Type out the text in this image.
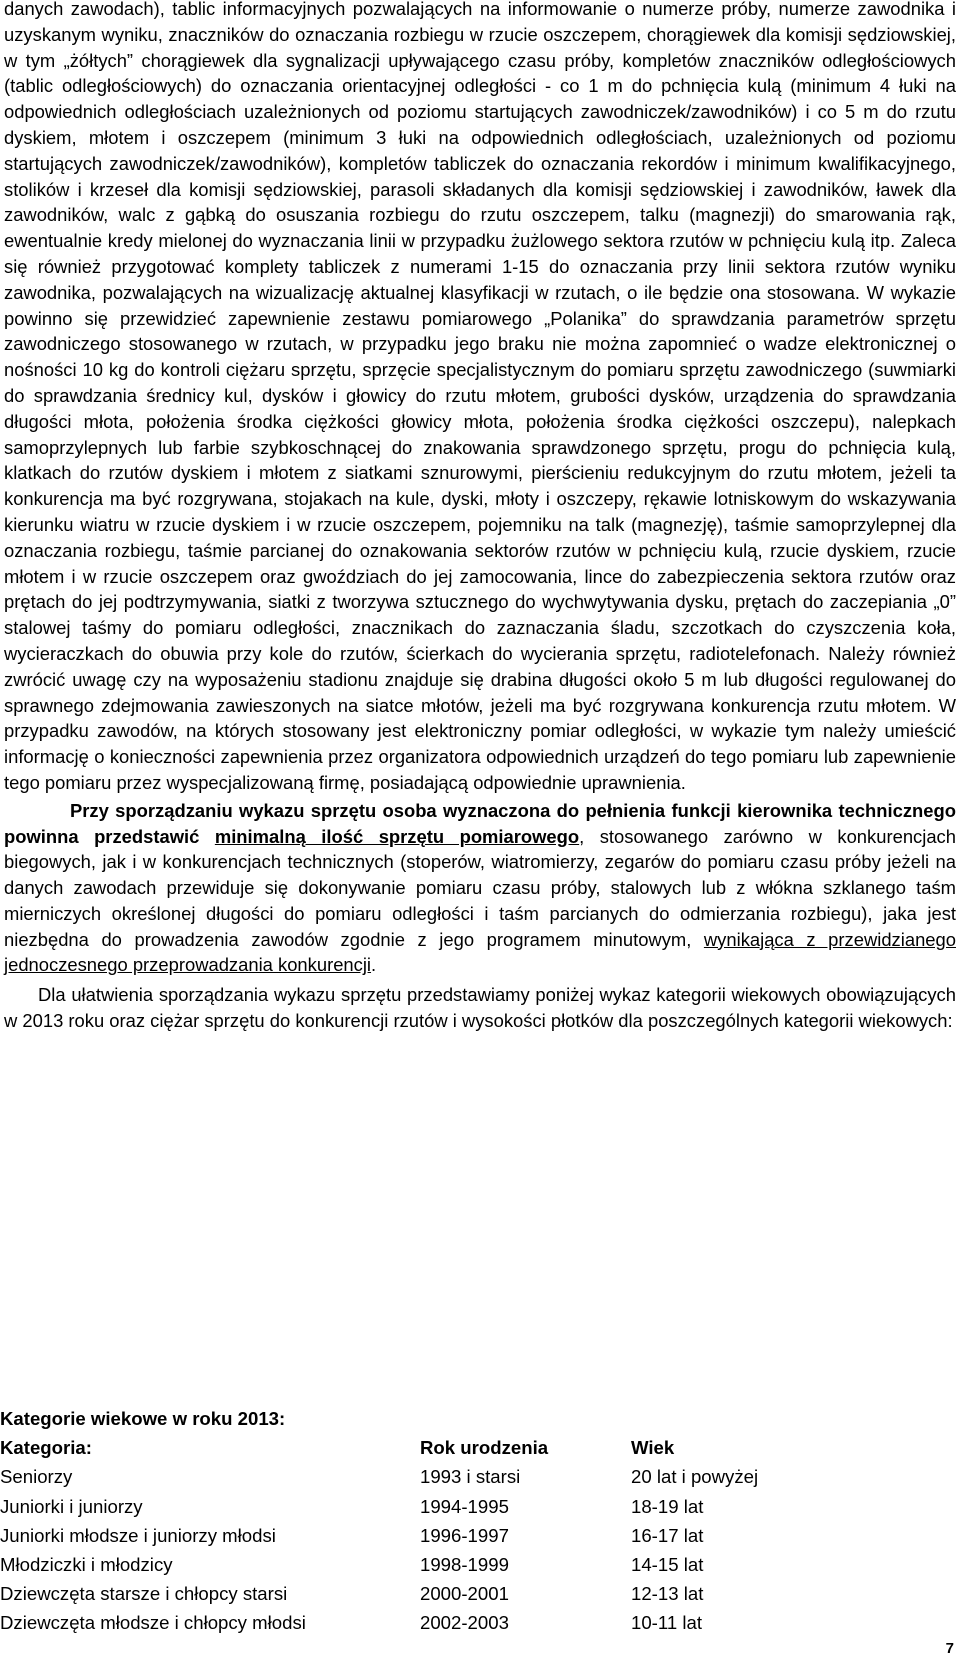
danych zawodach), tablic informacyjnych pozwalających na informowanie o numerze próby, numerze zawodnika i uzyskanym wyniku, znaczników do oznaczania rozbiegu w rzucie oszczepem, chorągiewek dla komisji sędziowskiej, w tym „żółtych” chorągiewek dla sygnalizacji upływającego czasu próby, kompletów znaczników odległościowych (tablic odległościowych) do oznaczania orientacyjnej odległości - co 1 m do pchnięcia kulą (minimum 4 łuki na odpowiednich odległościach uzależnionych od poziomu startujących zawodniczek/zawodników) i co 5 m do rzutu dyskiem, młotem i oszczepem (minimum 3 łuki na odpowiednich odległościach, uzależnionych od poziomu startujących zawodniczek/zawodników), kompletów tabliczek do oznaczania rekordów i minimum kwalifikacyjnego, stolików i krzeseł dla komisji sędziowskiej, parasoli składanych dla komisji sędziowskiej i zawodników, ławek dla zawodników, walc z gąbką do osuszania rozbiegu do rzutu oszczepem, talku (magnezji) do smarowania rąk, ewentualnie kredy mielonej do wyznaczania linii w przypadku żużlowego sektora rzutów w pchnięciu kulą itp. Zaleca się również przygotować komplety tabliczek z numerami 1-15 do oznaczania przy linii sektora rzutów wyniku zawodnika, pozwalających na wizualizację aktualnej klasyfikacji w rzutach, o ile będzie ona stosowana. W wykazie powinno się przewidzieć zapewnienie zestawu pomiarowego „Polanika” do sprawdzania parametrów sprzętu zawodniczego stosowanego w rzutach, w przypadku jego braku nie można zapomnieć o wadze elektronicznej o nośności 10 kg do kontroli ciężaru sprzętu, sprzęcie specjalistycznym do pomiaru sprzętu zawodniczego (suwmiarki do sprawdzania średnicy kul, dysków i głowicy do rzutu młotem, grubości dysków, urządzenia do sprawdzania długości młota, położenia środka ciężkości głowicy młota, położenia środka ciężkości oszczepu), nalepkach samoprzylepnych lub farbie szybkoschnącej do znakowania sprawdzonego sprzętu, progu do pchnięcia kulą, klatkach do rzutów dyskiem i młotem z siatkami sznurowymi, pierścieniu redukcyjnym do rzutu młotem, jeżeli ta konkurencja ma być rozgrywana, stojakach na kule, dyski, młoty i oszczepy, rękawie lotniskowym do wskazywania kierunku wiatru w rzucie dyskiem i w rzucie oszczepem, pojemniku na talk (magnezję), taśmie samoprzylepnej dla oznaczania rozbiegu, taśmie parcianej do oznakowania sektorów rzutów w pchnięciu kulą, rzucie dyskiem, rzucie młotem i w rzucie oszczepem oraz gwoździach do jej zamocowania, lince do zabezpieczenia sektora rzutów oraz prętach do jej podtrzymywania, siatki z tworzywa sztucznego do wychwytywania dysku, prętach do zaczepiania „0” stalowej taśmy do pomiaru odległości, znacznikach do zaznaczania śladu, szczotkach do czyszczenia koła, wycieraczkach do obuwia przy kole do rzutów, ścierkach do wycierania sprzętu, radiotelefonach. Należy również zwrócić uwagę czy na wyposażeniu stadionu znajduje się drabina długości około 5 m lub długości regulowanej do sprawnego zdejmowania zawieszonych na siatce młotów, jeżeli ma być rozgrywana konkurencja rzutu młotem. W przypadku zawodów, na których stosowany jest elektroniczny pomiar odległości, w wykazie tym należy umieścić informację o konieczności zapewnienia przez organizatora odpowiednich urządzeń do tego pomiaru lub zapewnienie tego pomiaru przez wyspecjalizowaną firmę, posiadającą odpowiednie uprawnienia.

Przy sporządzaniu wykazu sprzętu osoba wyznaczona do pełnienia funkcji kierownika technicznego powinna przedstawić minimalną ilość sprzętu pomiarowego, stosowanego zarówno w konkurencjach biegowych, jak i w konkurencjach technicznych (stoperów, wiatromierzy, zegarów do pomiaru czasu próby jeżeli na danych zawodach przewiduje się dokonywanie pomiaru czasu próby, stalowych lub z włókna szklanego taśm mierniczych określonej długości do pomiaru odległości i taśm parcianych do odmierzania rozbiegu), jaka jest niezbędna do prowadzenia zawodów zgodnie z jego programem minutowym, wynikająca z przewidzianego jednoczesnego przeprowadzania konkurencji.

Dla ułatwienia sporządzania wykazu sprzętu przedstawiamy poniżej wykaz kategorii wiekowych obowiązujących w 2013 roku oraz ciężar sprzętu do konkurencji rzutów i wysokości płotków dla poszczególnych kategorii wiekowych:

Kategorie wiekowe w roku 2013:

Kategoria:	Rok urodzenia	Wiek
Seniorzy	1993 i starsi	20 lat i powyżej
Juniorki i juniorzy	1994-1995	18-19 lat
Juniorki młodsze i juniorzy młodsi	1996-1997	16-17 lat
Młodziczki i młodzicy	1998-1999	14-15 lat
Dziewczęta starsze i chłopcy starsi	2000-2001	12-13 lat
Dziewczęta młodsze i chłopcy młodsi	2002-2003	10-11 lat
7
